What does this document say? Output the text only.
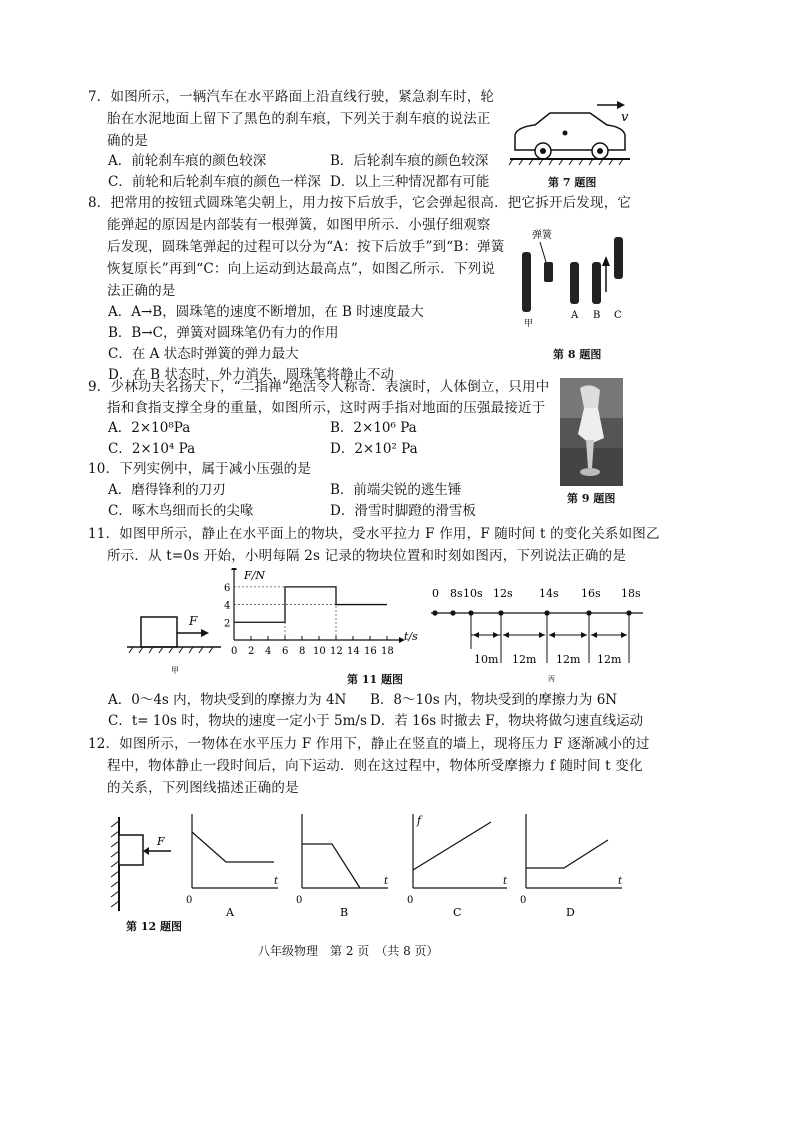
7．如图所示，一辆汽车在水平路面上沿直线行驶，紧急刹车时，轮
胎在水泥地面上留下了黑色的刹车痕，下列关于刹车痕的说法正
确的是
A．前轮刹车痕的颜色较深	B．后轮刹车痕的颜色较深
C．前轮和后轮刹车痕的颜色一样深 D．以上三种情况都有可能
v
第 7 题图
8．把常用的按钮式圆珠笔尖朝上，用力按下后放手，它会弹起很高．把它拆开后发现，它
能弹起的原因是内部装有一根弹簧，如图甲所示．小强仔细观察
后发现，圆珠笔弹起的过程可以分为“A：按下后放手”到“B：弹簧
恢复原长”再到“C：向上运动到达最高点”，如图乙所示．下列说
法正确的是
A．A→B，圆珠笔的速度不断增加，在 B 时速度最大
B．B→C，弹簧对圆珠笔仍有力的作用
C．在 A 状态时弹簧的弹力最大
D．在 B 状态时，外力消失，圆珠笔将静止不动
弹簧
甲
A B C
第 8 题图
9．少林功夫名扬天下，“二指禅”绝活令人称奇．表演时，人体倒立，只用中
指和食指支撑全身的重量，如图所示，这时两手指对地面的压强最接近于
A．2×10⁸Pa	B．2×10⁶ Pa
C．2×10⁴ Pa	D．2×10² Pa
第 9 题图
10．下列实例中，属于减小压强的是
A．磨得锋利的刀刃	B．前端尖锐的逃生锤
C．啄木鸟细而长的尖喙	D．滑雪时脚蹬的滑雪板
11．如图甲所示，静止在水平面上的物块，受水平拉力 F 作用，F 随时间 t 的变化关系如图乙
所示．从 t=0s 开始，小明每隔 2s 记录的物块位置和时刻如图丙，下列说法正确的是
F
甲
0 2 4 6 8 10 12 14 16 18
2
4
6
F/N
t/s
0 8s 10s 12s 14s 16s 18s
10m 12m 12m 12m
丙
第 11 题图
A．0～4s 内，物块受到的摩擦力为 4N B．8～10s 内，物块受到的摩擦力为 6N
C．t= 10s 时，物块的速度一定小于 5m/s D．若 16s 时撤去 F，物块将做匀速直线运动
12．如图所示，一物体在水平压力 F 作用下，静止在竖直的墙上，现将压力 F 逐渐减小的过
程中，物体静止一段时间后，向下运动．则在这过程中，物体所受摩擦力 f 随时间 t 变化
的关系，下列图线描述正确的是
F
第 12 题图
t
0
A
t
0
B
f
t
0
C
t
0
D
八年级物理　第 2 页　（共 8 页）
